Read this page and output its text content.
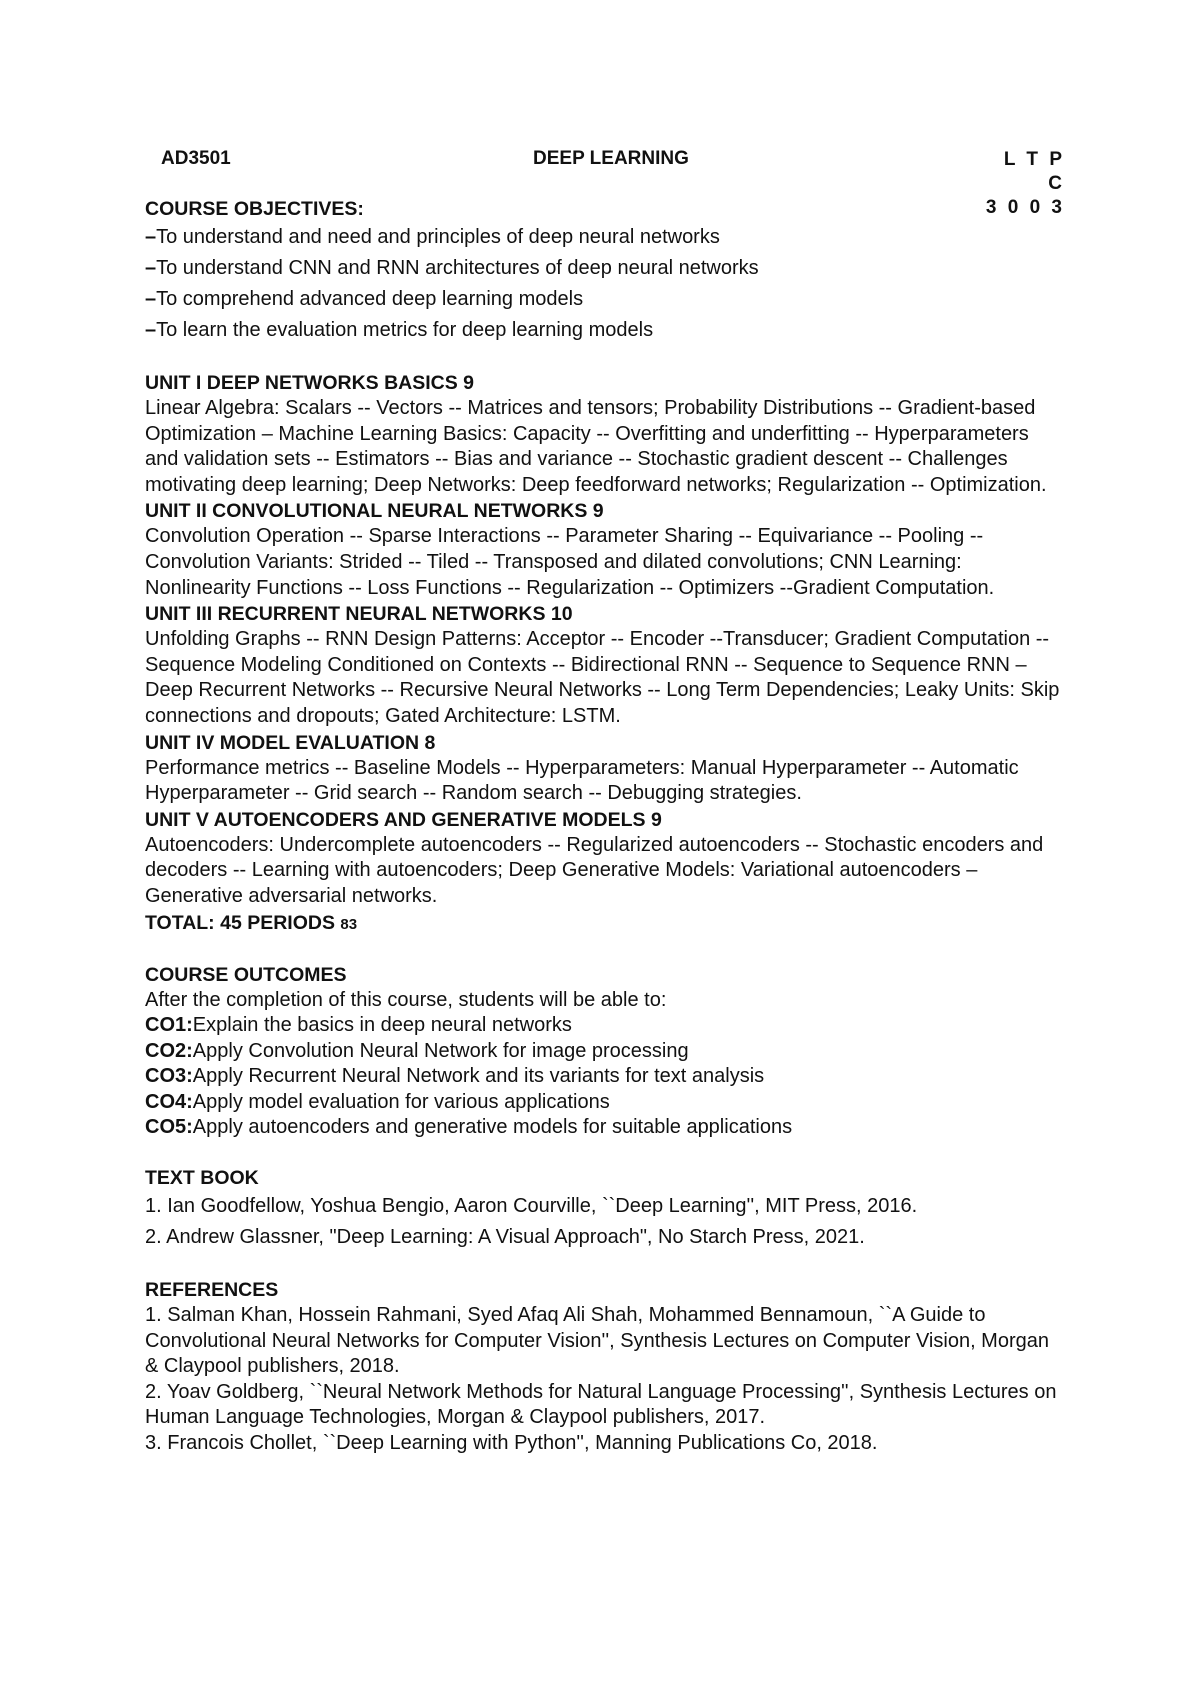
AD3501	DEEP LEARNING	L T P C
3 0 0 3

COURSE OBJECTIVES:

– To understand and need and principles of deep neural networks
– To understand CNN and RNN architectures of deep neural networks
– To comprehend advanced deep learning models
– To learn the evaluation metrics for deep learning models

UNIT I DEEP NETWORKS BASICS 9

Linear Algebra: Scalars -- Vectors -- Matrices and tensors; Probability Distributions -- Gradient-based Optimization – Machine Learning Basics: Capacity -- Overfitting and underfitting -- Hyperparameters and validation sets -- Estimators -- Bias and variance -- Stochastic gradient descent -- Challenges motivating deep learning; Deep Networks: Deep feedforward networks; Regularization -- Optimization.

UNIT II CONVOLUTIONAL NEURAL NETWORKS 9

Convolution Operation -- Sparse Interactions -- Parameter Sharing -- Equivariance -- Pooling -- Convolution Variants: Strided -- Tiled -- Transposed and dilated convolutions; CNN Learning: Nonlinearity Functions -- Loss Functions -- Regularization -- Optimizers --Gradient Computation.

UNIT III RECURRENT NEURAL NETWORKS 10

Unfolding Graphs -- RNN Design Patterns: Acceptor -- Encoder --Transducer; Gradient Computation -- Sequence Modeling Conditioned on Contexts -- Bidirectional RNN -- Sequence to Sequence RNN – Deep Recurrent Networks -- Recursive Neural Networks -- Long Term Dependencies; Leaky Units: Skip connections and dropouts; Gated Architecture: LSTM.

UNIT IV MODEL EVALUATION 8

Performance metrics -- Baseline Models -- Hyperparameters: Manual Hyperparameter -- Automatic Hyperparameter -- Grid search -- Random search -- Debugging strategies.

UNIT V AUTOENCODERS AND GENERATIVE MODELS 9

Autoencoders: Undercomplete autoencoders -- Regularized autoencoders -- Stochastic encoders and decoders -- Learning with autoencoders; Deep Generative Models: Variational autoencoders – Generative adversarial networks.

TOTAL: 45 PERIODS 83

COURSE OUTCOMES

After the completion of this course, students will be able to:

CO1:Explain the basics in deep neural networks
CO2:Apply Convolution Neural Network for image processing
CO3:Apply Recurrent Neural Network and its variants for text analysis
CO4:Apply model evaluation for various applications
CO5:Apply autoencoders and generative models for suitable applications

TEXT BOOK

1. Ian Goodfellow, Yoshua Bengio, Aaron Courville, ``Deep Learning'', MIT Press, 2016.
2. Andrew Glassner, "Deep Learning: A Visual Approach", No Starch Press, 2021.

REFERENCES

1. Salman Khan, Hossein Rahmani, Syed Afaq Ali Shah, Mohammed Bennamoun, ``A Guide to Convolutional Neural Networks for Computer Vision'', Synthesis Lectures on Computer Vision, Morgan & Claypool publishers, 2018.

2. Yoav Goldberg, ``Neural Network Methods for Natural Language Processing'', Synthesis Lectures on Human Language Technologies, Morgan & Claypool publishers, 2017.

3. Francois Chollet, ``Deep Learning with Python'', Manning Publications Co, 2018.
